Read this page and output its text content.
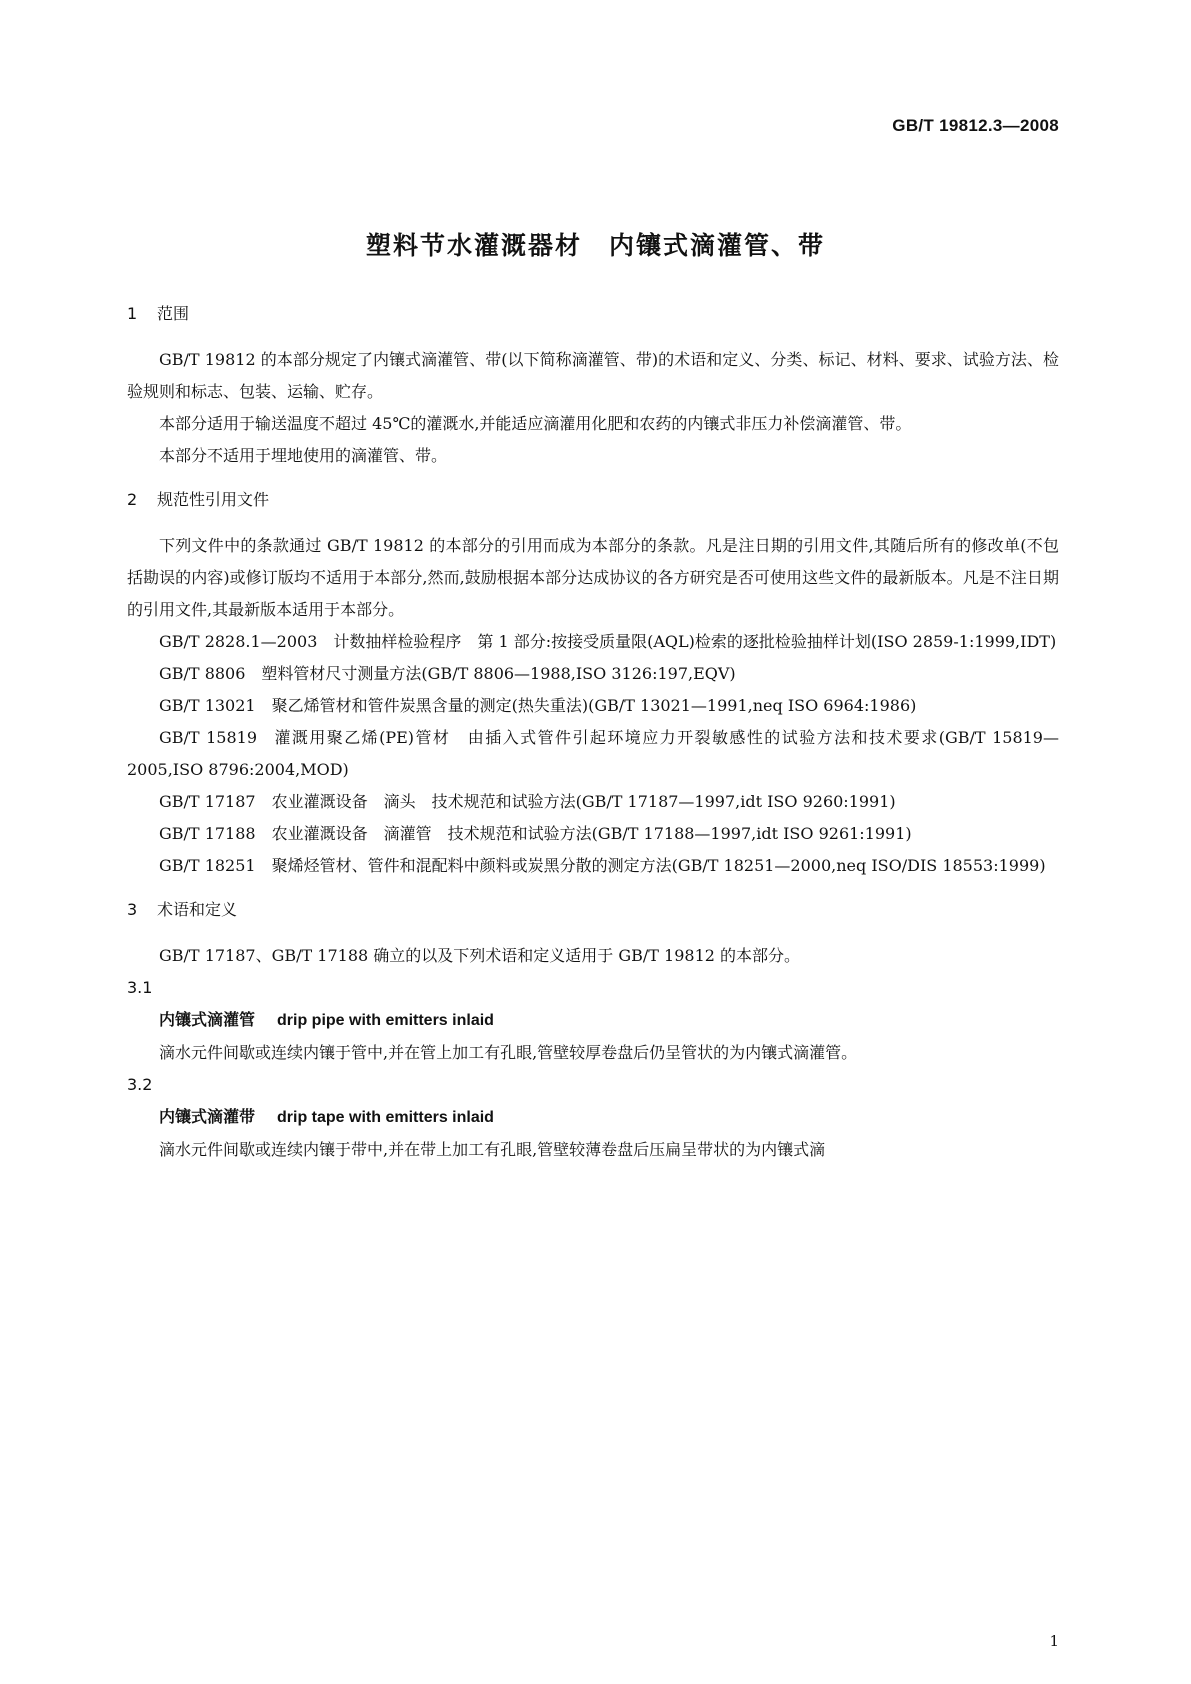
GB/T 19812.3—2008
塑料节水灌溉器材　内镶式滴灌管、带
1 范围

GB/T 19812 的本部分规定了内镶式滴灌管、带(以下简称滴灌管、带)的术语和定义、分类、标记、材料、要求、试验方法、检验规则和标志、包装、运输、贮存。

本部分适用于输送温度不超过 45℃的灌溉水,并能适应滴灌用化肥和农药的内镶式非压力补偿滴灌管、带。

本部分不适用于埋地使用的滴灌管、带。

2 规范性引用文件

下列文件中的条款通过 GB/T 19812 的本部分的引用而成为本部分的条款。凡是注日期的引用文件,其随后所有的修改单(不包括勘误的内容)或修订版均不适用于本部分,然而,鼓励根据本部分达成协议的各方研究是否可使用这些文件的最新版本。凡是不注日期的引用文件,其最新版本适用于本部分。

GB/T 2828.1—2003 计数抽样检验程序　第 1 部分:按接受质量限(AQL)检索的逐批检验抽样计划(ISO 2859-1:1999,IDT)

GB/T 8806 塑料管材尺寸测量方法(GB/T 8806—1988,ISO 3126:197,EQV)

GB/T 13021 聚乙烯管材和管件炭黑含量的测定(热失重法)(GB/T 13021—1991,neq ISO 6964:1986)

GB/T 15819 灌溉用聚乙烯(PE)管材　由插入式管件引起环境应力开裂敏感性的试验方法和技术要求(GB/T 15819—2005,ISO 8796:2004,MOD)

GB/T 17187 农业灌溉设备　滴头　技术规范和试验方法(GB/T 17187—1997,idt ISO 9260:1991)

GB/T 17188 农业灌溉设备　滴灌管　技术规范和试验方法(GB/T 17188—1997,idt ISO 9261:1991)

GB/T 18251 聚烯烃管材、管件和混配料中颜料或炭黑分散的测定方法(GB/T 18251—2000,neq ISO/DIS 18553:1999)

3 术语和定义

GB/T 17187、GB/T 17188 确立的以及下列术语和定义适用于 GB/T 19812 的本部分。

3.1
内镶式滴灌管 drip pipe with emitters inlaid

滴水元件间歇或连续内镶于管中,并在管上加工有孔眼,管壁较厚卷盘后仍呈管状的为内镶式滴灌管。

3.2
内镶式滴灌带 drip tape with emitters inlaid

滴水元件间歇或连续内镶于带中,并在带上加工有孔眼,管壁较薄卷盘后压扁呈带状的为内镶式滴

1
